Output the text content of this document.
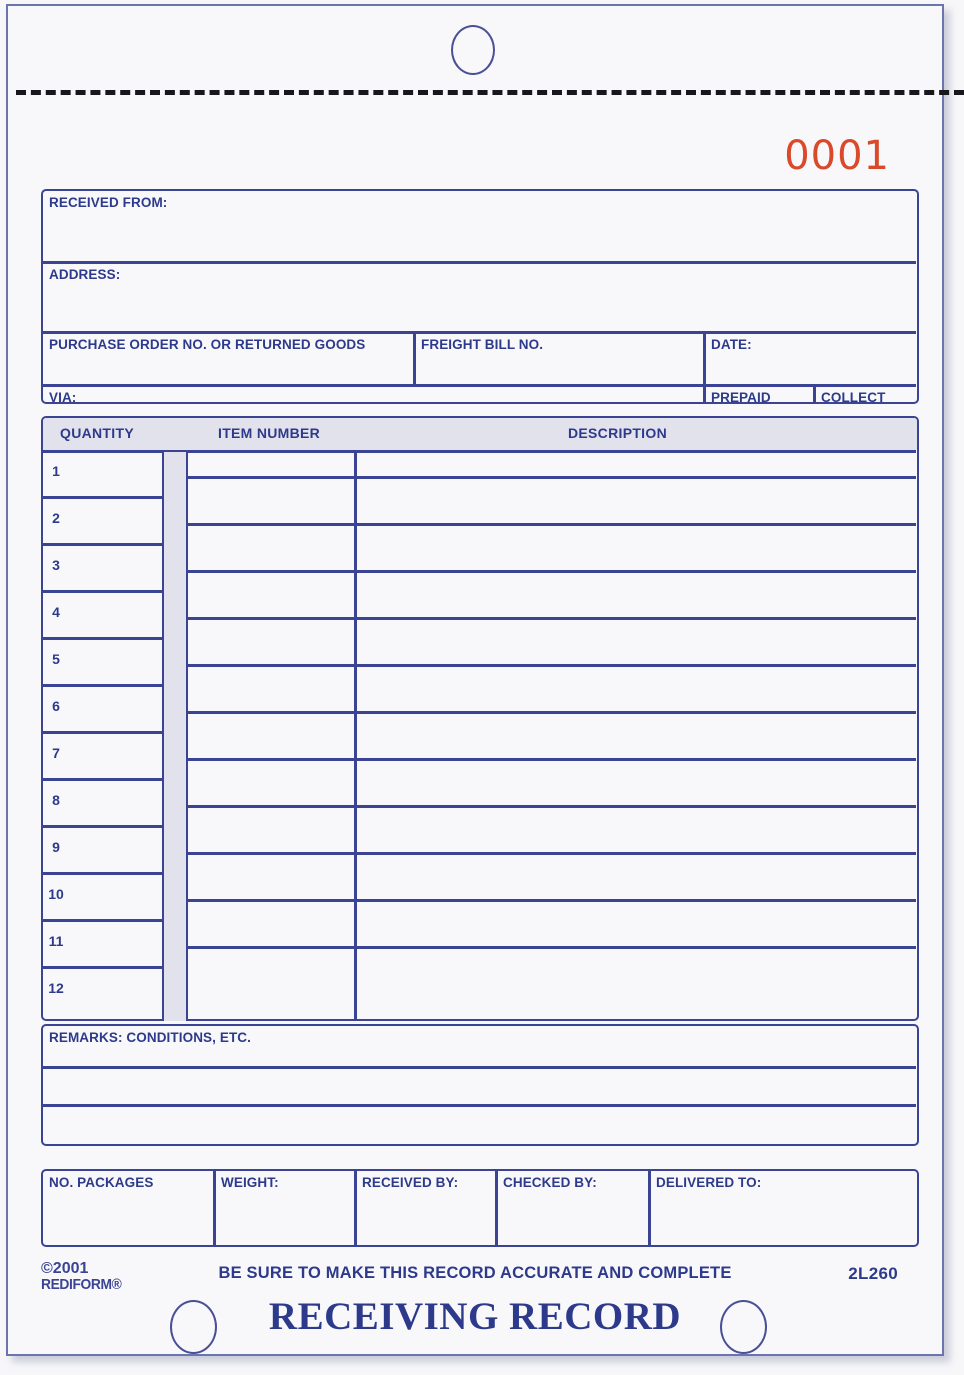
0001
RECEIVED FROM:
ADDRESS:
PURCHASE ORDER NO. OR RETURNED GOODS	FREIGHT BILL NO.	DATE:
VIA:	PREPAID	COLLECT
QUANTITY	ITEM NUMBER	DESCRIPTION
1
2
3
4
5
6
7
8
9
10
11
12
REMARKS: CONDITIONS, ETC.
NO. PACKAGES	WEIGHT:	RECEIVED BY:	CHECKED BY:	DELIVERED TO:
©2001
REDIFORM®
BE SURE TO MAKE THIS RECORD ACCURATE AND COMPLETE	2L260
RECEIVING RECORD
